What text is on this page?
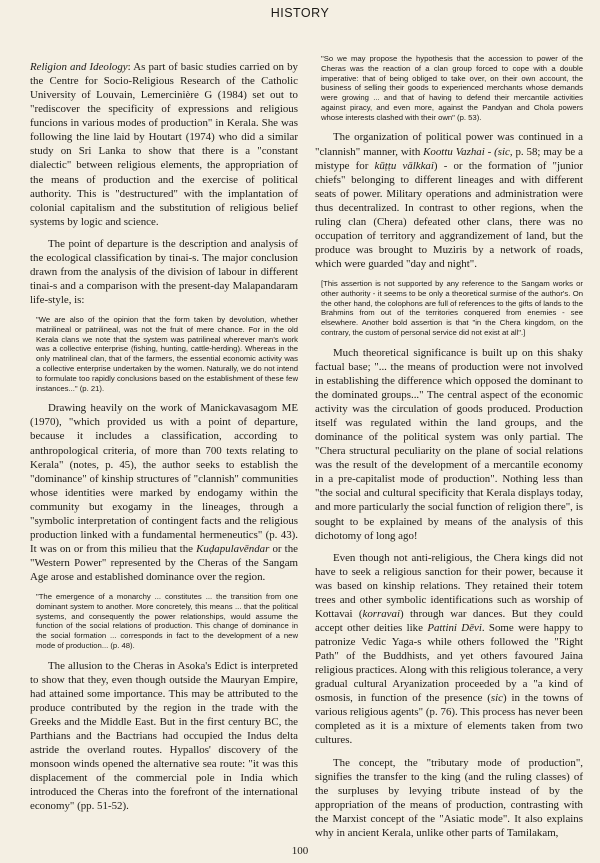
HISTORY

Religion and Ideology: As part of basic studies carried on by the Centre for Socio-Religious Research of the Catholic University of Louvain, Lemercinière G (1984) set out to "rediscover the specificity of expressions and religious funcions in various modes of production" in Kerala. She was following the line laid by Houtart (1974) who did a similar study on Sri Lanka to show that there is a "constant dialectic" between religious elements, the appropriation of the means of production and the exercise of political authority. This is "destructured" with the implantation of colonial capitalism and the substitution of religious belief systems by logic and science.

The point of departure is the description and analysis of the ecological classification by tinai-s. The major conclusion drawn from the analysis of the division of labour in different tinai-s and a comparison with the present-day Malapandaram life-style, is:

"We are also of the opinion that the form taken by devolution, whether matrilineal or patrilineal, was not the fruit of mere chance. For in the old Kerala clans we note that the system was patrilineal wherever man's work was a collective enterprise (fishing, hunting, cattle-herding). Whereas in the only matrilineal clan, that of the farmers, the essential economic activity was a collective enterprise undertaken by the women. Naturally, we do not intend to formulate too rapidly conclusions based on the establishment of these few instances..." (p. 21).

Drawing heavily on the work of Manickavasagom ME (1970), "which provided us with a point of departure, because it includes a classification, according to anthropological criteria, of more than 700 texts relating to Kerala" (notes, p. 45), the author seeks to establish the "dominance" of kinship structures of "clannish" communities whose identities were marked by endogamy within the community but exogamy in the lineages, through a "symbolic interpretation of contingent facts and the religious production linked with a fundamental hermeneutics" (p. 43). It was on or from this milieu that the Kuḍapulavēndar or the "Western Power" represented by the Cheras of the Sangam Age arose and established dominance over the region.

"The emergence of a monarchy ... constitutes ... the transition from one dominant system to another. More concretely, this means ... that the political systems, and consequently the power relationships, would assume the function of the social relations of production. This change of dominance in the social formation ... corresponds in fact to the development of a new mode of production... (p. 48).

The allusion to the Cheras in Asoka's Edict is interpreted to show that they, even though outside the Mauryan Empire, had attained some importance. This may be attributed to the produce contributed by the region in the trade with the Greeks and the Middle East. But in the first century BC, the Parthians and the Bactrians had occupied the Indus delta astride the overland routes. Hypallos' discovery of the monsoon winds opened the alternative sea route: "it was this displacement of the commercial pole in India which introduced the Cheras into the forefront of the international economy" (pp. 51-52).

"So we may propose the hypothesis that the accession to power of the Cheras was the reaction of a clan group forced to cope with a double imperative: that of being obliged to take over, on their own account, the business of selling their goods to experienced merchants whose demands were growing ... and that of having to defend their mercantile activities against piracy, and even more, against the Pandyan and Chola powers whose interests clashed with their own" (p. 53).

The organization of political power was continued in a "clannish" manner, with Koottu Vazhai - (sic, p. 58; may be a mistype for kūṭṭu vālkkai) - or the formation of "junior chiefs" belonging to different lineages and with different seats of power. Military operations and administration were thus decentralized. In contrast to other regions, when the ruling clan (Chera) defeated other clans, there was no occupation of territory and aggrandizement of land, but the produce was brought to Muziris by a network of roads, which were guarded "day and night".

[This assertion is not supported by any reference to the Sangam works or other authority - it seems to be only a theoretical surmise of the author's. On the other hand, the colophons are full of references to the gifts of lands to the Brahmins from out of the territories conquered from enemies - see elsewhere. Another bold assertion is that "in the Chera kingdom, on the contrary, the custom of personal service did not exist at all".]

Much theoretical significance is built up on this shaky factual base; "... the means of production were not involved in establishing the difference which opposed the dominant to the dominated groups..." The central aspect of the economic activity was the circulation of goods produced. Production itself was regulated within the land groups, and the dominance of the political system was only partial. The "Chera structural peculiarity on the plane of social relations was the result of the development of a mercantile economy in a pre-capitalist mode of production". Nothing less than "the social and cultural specificity that Kerala displays today, and more particularly the social function of religion there", is sought to be explained by means of the analysis of this dichotomy of long ago!

Even though not anti-religious, the Chera kings did not have to seek a religious sanction for their power, because it was based on kinship relations. They retained their totem trees and other symbolic identifications such as worship of Kottavai (korravai) through war dances. But they could accept other deities like Pattini Dēvi. Some were happy to patronize Vedic Yaga-s while others followed the "Right Path" of the Buddhists, and yet others favoured Jaina religious practices. Along with this religious tolerance, a very gradual cultural Aryanization proceeded by a "a kind of osmosis, in function of the presence (sic) in the towns of various religious agents" (p. 76). This process has never been completed as it is a mixture of elements taken from two cultures.

The concept, the "tributary mode of production", signifies the transfer to the king (and the ruling classes) of the surpluses by levying tribute instead of by the appropriation of the means of production, contrasting with the Marxist concept of the "Asiatic mode". It also explains why in ancient Kerala, unlike other parts of Tamilakam,

100
